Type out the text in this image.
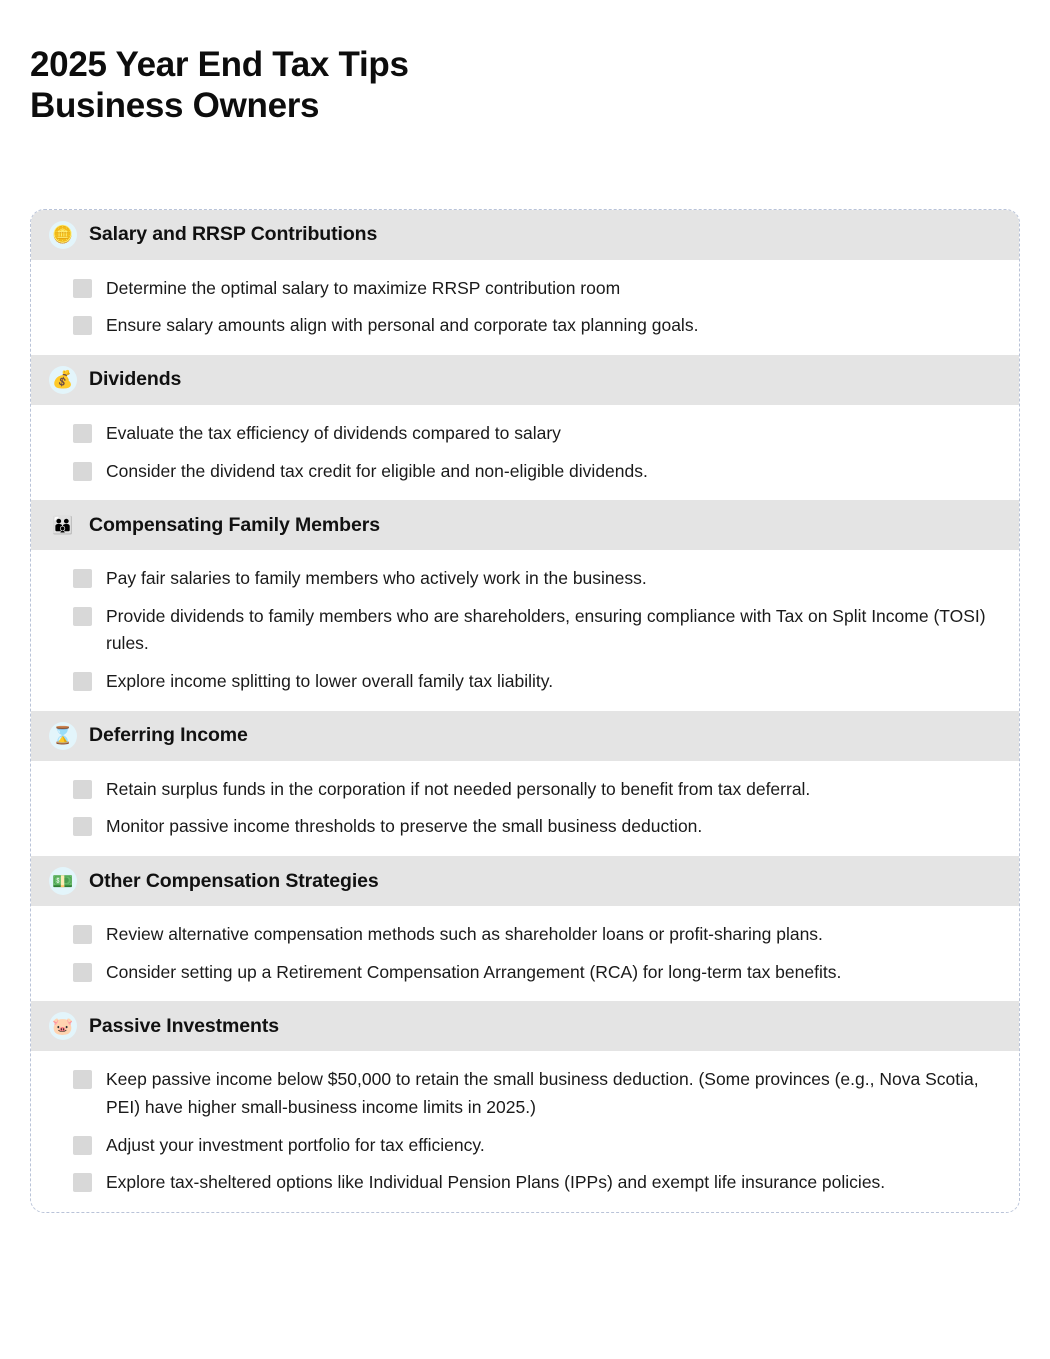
2025 Year End Tax Tips
Business Owners
🪙 Salary and RRSP Contributions
Determine the optimal salary to maximize RRSP contribution room
Ensure salary amounts align with personal and corporate tax planning goals.
💰 Dividends
Evaluate the tax efficiency of dividends compared to salary
Consider the dividend tax credit for eligible and non-eligible dividends.
👪 Compensating Family Members
Pay fair salaries to family members who actively work in the business.
Provide dividends to family members who are shareholders, ensuring compliance with Tax on Split Income (TOSI) rules.
Explore income splitting to lower overall family tax liability.
⌛ Deferring Income
Retain surplus funds in the corporation if not needed personally to benefit from tax deferral.
Monitor passive income thresholds to preserve the small business deduction.
💵 Other Compensation Strategies
Review alternative compensation methods such as shareholder loans or profit-sharing plans.
Consider setting up a Retirement Compensation Arrangement (RCA) for long-term tax benefits.
🐷 Passive Investments
Keep passive income below $50,000 to retain the small business deduction. (Some provinces (e.g., Nova Scotia, PEI) have higher small-business income limits in 2025.)
Adjust your investment portfolio for tax efficiency.
Explore tax-sheltered options like Individual Pension Plans (IPPs) and exempt life insurance policies.
